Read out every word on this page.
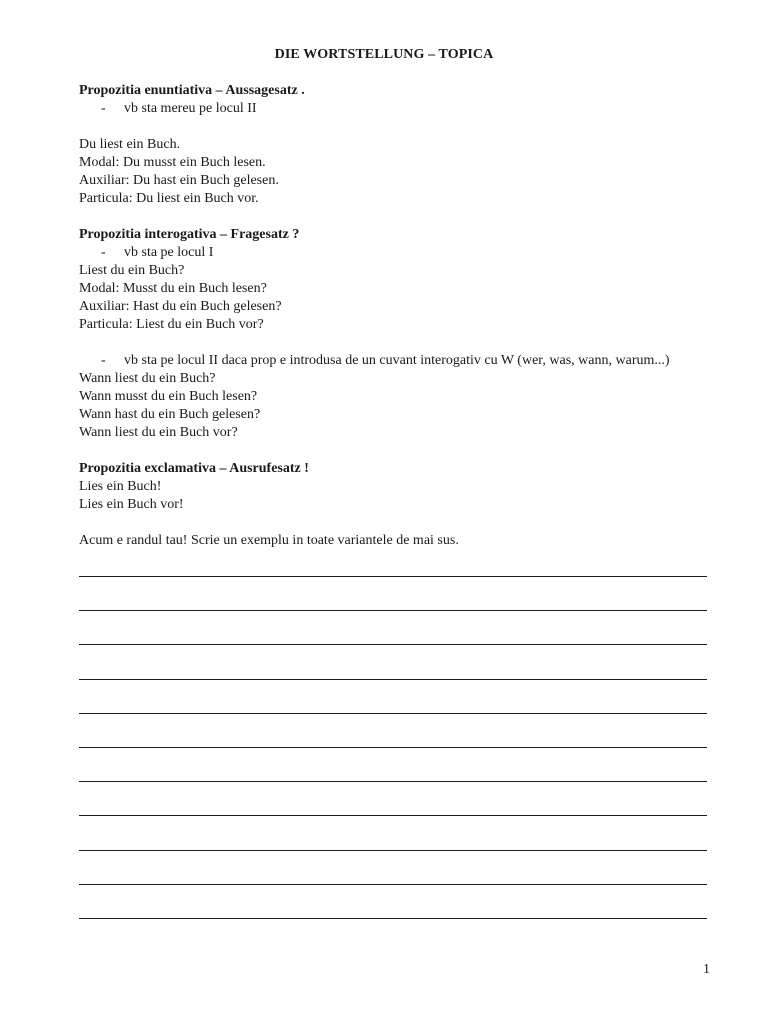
DIE WORTSTELLUNG – TOPICA
Propozitia enuntiativa – Aussagesatz .
- vb sta mereu pe locul II
Du liest ein Buch.
Modal: Du musst ein Buch lesen.
Auxiliar: Du hast ein Buch gelesen.
Particula: Du liest ein Buch vor.
Propozitia interogativa – Fragesatz ?
- vb sta pe locul I
Liest du ein Buch?
Modal: Musst du ein Buch lesen?
Auxiliar: Hast du ein Buch gelesen?
Particula: Liest du ein Buch vor?
- vb sta pe locul II daca prop e introdusa de un cuvant interogativ cu W (wer, was, wann, warum...)
Wann liest du ein Buch?
Wann musst du ein Buch lesen?
Wann hast du ein Buch gelesen?
Wann liest du ein Buch vor?
Propozitia exclamativa – Ausrufesatz !
Lies ein Buch!
Lies ein Buch vor!
Acum e randul tau! Scrie un exemplu in toate variantele de mai sus.
1
